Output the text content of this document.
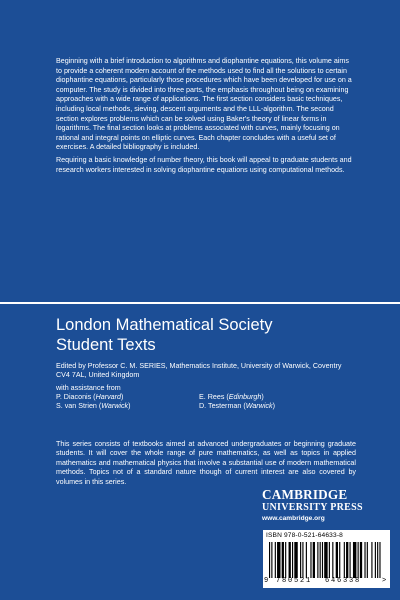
Beginning with a brief introduction to algorithms and diophantine equations, this volume aims to provide a coherent modern account of the methods used to find all the solutions to certain diophantine equations, particularly those procedures which have been developed for use on a computer. The study is divided into three parts, the emphasis throughout being on examining approaches with a wide range of applications. The first section considers basic techniques, including local methods, sieving, descent arguments and the LLL-algorithm. The second section explores problems which can be solved using Baker's theory of linear forms in logarithms. The final section looks at problems associated with curves, mainly focusing on rational and integral points on elliptic curves. Each chapter concludes with a useful set of exercises. A detailed bibliography is included.

Requiring a basic knowledge of number theory, this book will appeal to graduate students and research workers interested in solving diophantine equations using computational methods.

London Mathematical Society
Student Texts
Edited by Professor C. M. SERIES, Mathematics Institute, University of Warwick, Coventry CV4 7AL, United Kingdom
with assistance from
P. Diaconis (Harvard)	E. Rees (Edinburgh)
S. van Strien (Warwick)	D. Testerman (Warwick)
This series consists of textbooks aimed at advanced undergraduates or beginning graduate students. It will cover the whole range of pure mathematics, as well as topics in applied mathematics and mathematical physics that involve a substantial use of modern mathematical methods. Topics not of a standard nature though of current interest are also covered by volumes in this series.
CAMBRIDGE
UNIVERSITY PRESS
www.cambridge.org
ISBN 978-0-521-64633-8
9 780521 646338	>
